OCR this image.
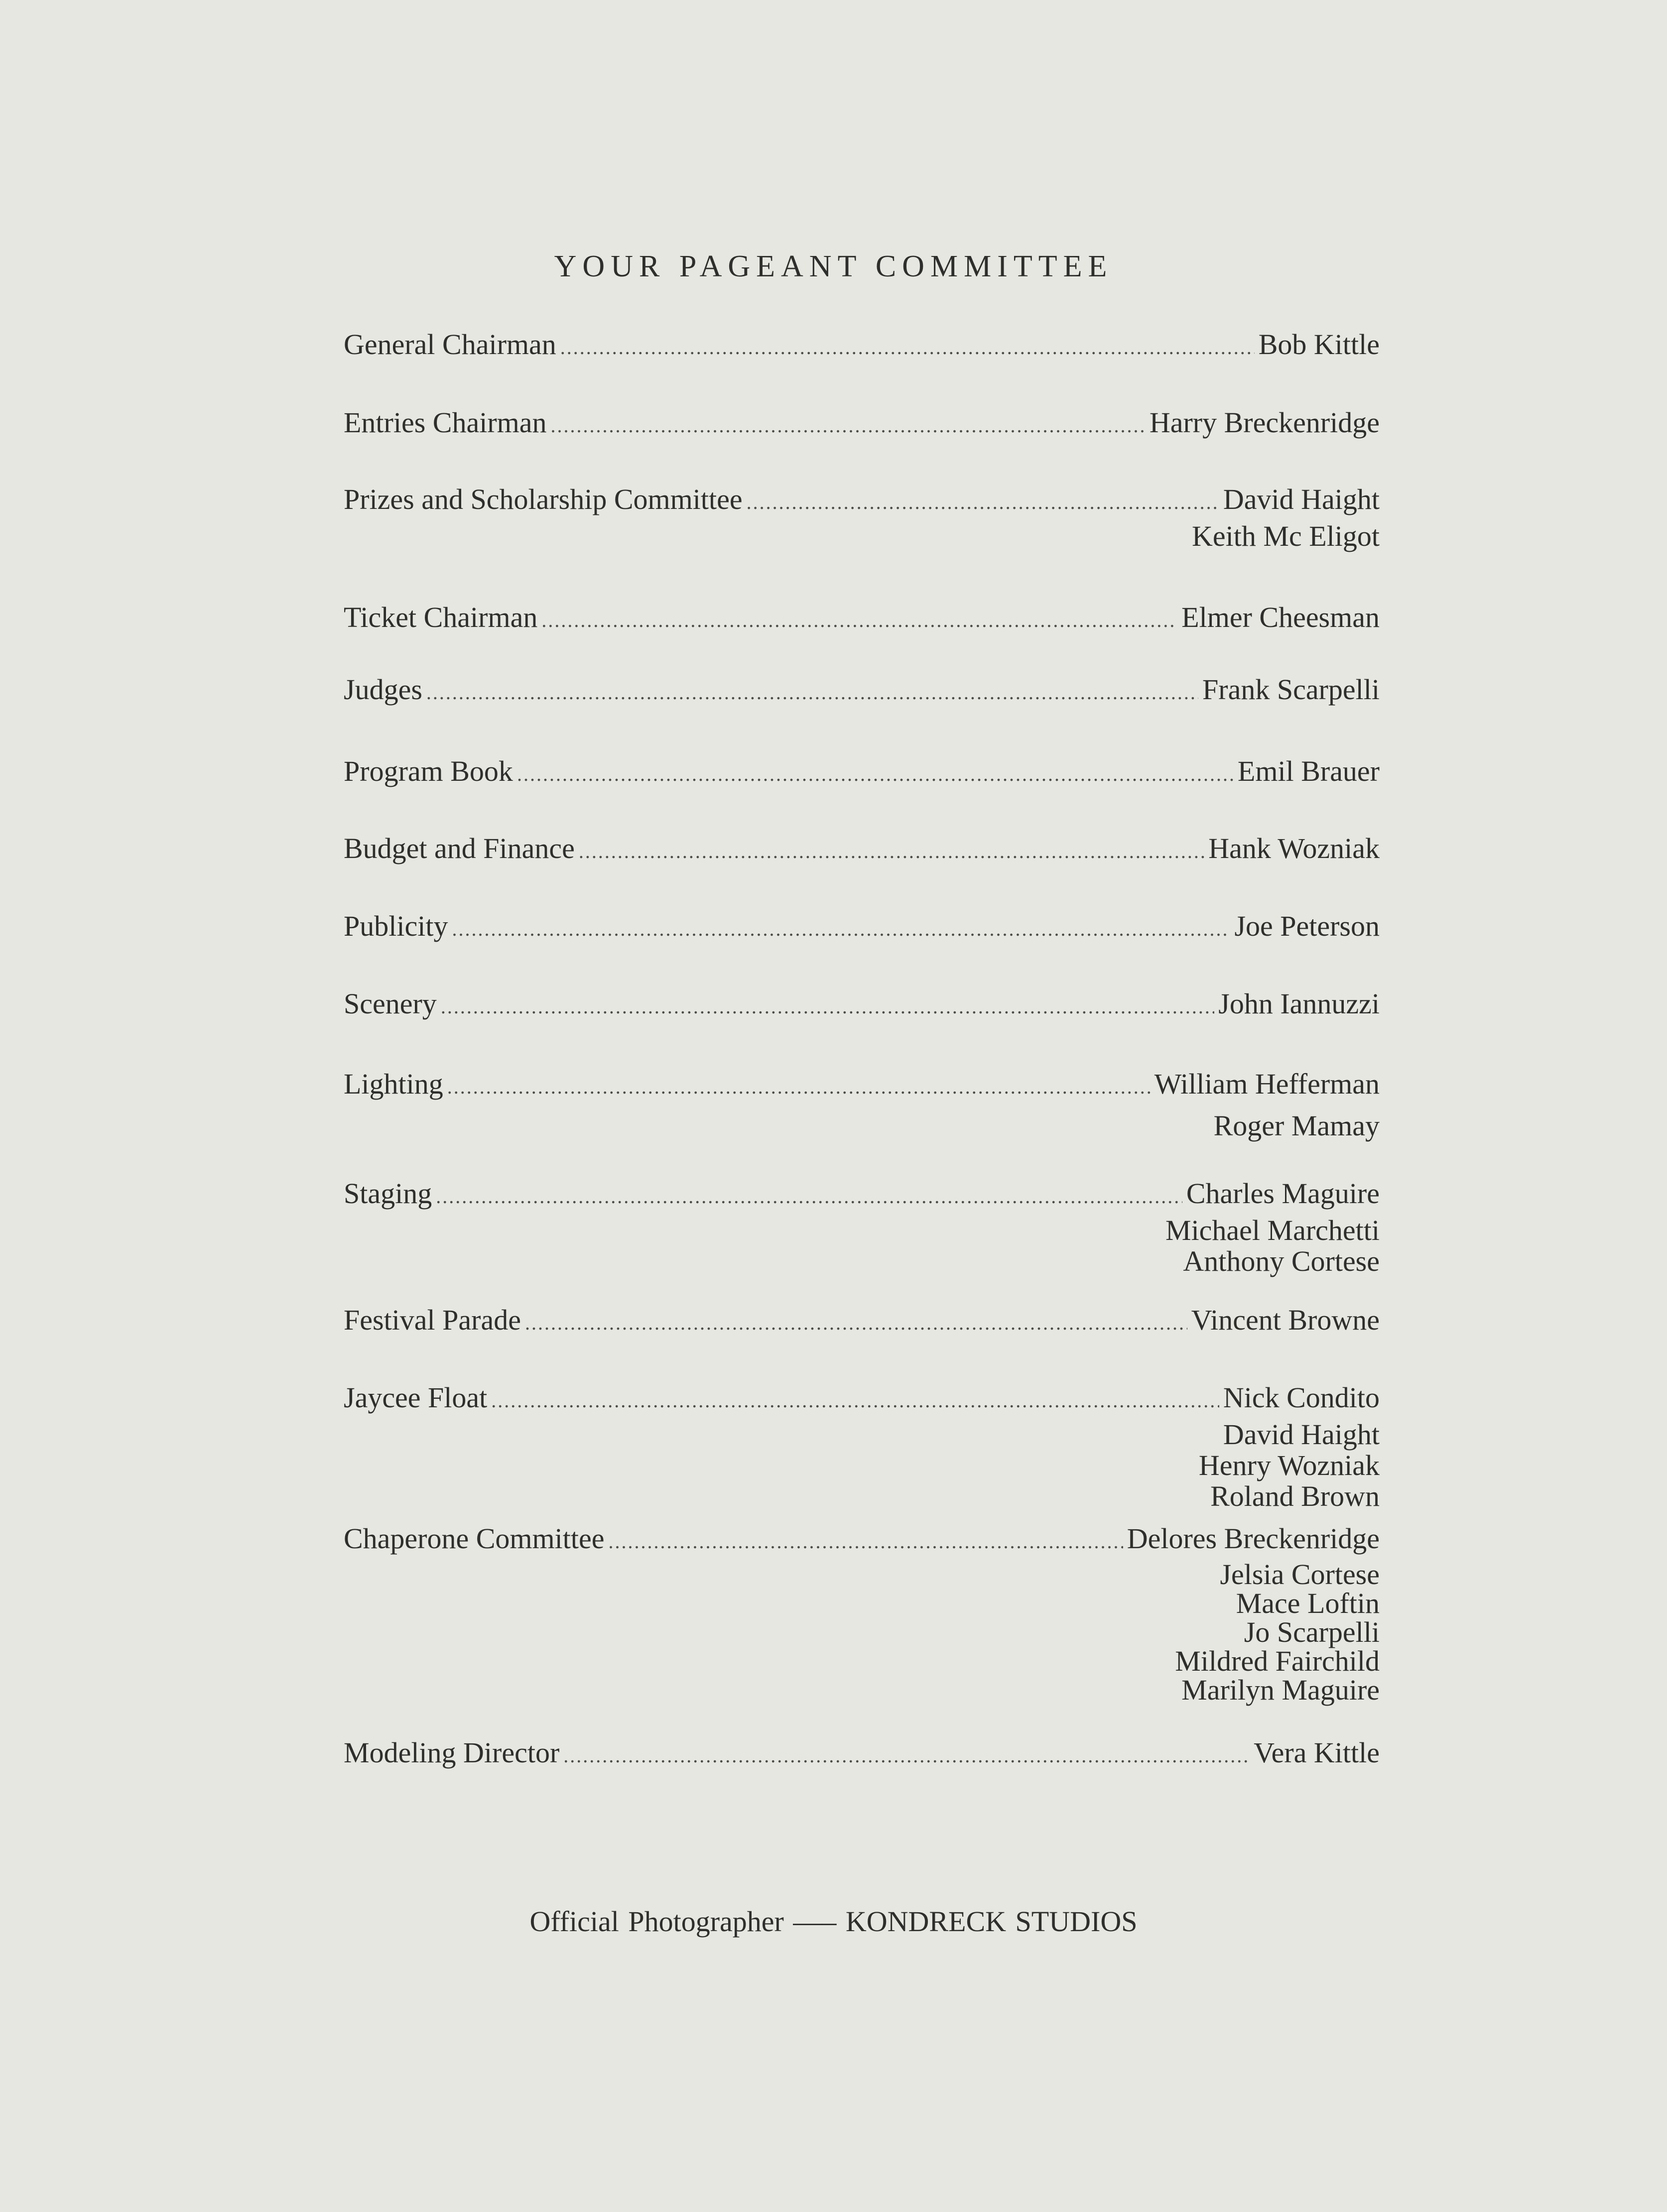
YOUR PAGEANT COMMITTEE
General Chairman .....	Bob Kittle
Entries Chairman .....	Harry Breckenridge
Prizes and Scholarship Committee .....	David Haight
Keith Mc Eligot
Ticket Chairman .....	Elmer Cheesman
Judges .....	Frank Scarpelli
Program Book .....	Emil Brauer
Budget and Finance .....	Hank Wozniak
Publicity .....	Joe Peterson
Scenery .....	John Iannuzzi
Lighting .....	William Hefferman
Roger Mamay
Staging .....	Charles Maguire
Michael Marchetti
Anthony Cortese
Festival Parade .....	Vincent Browne
Jaycee Float .....	Nick Condito
David Haight
Henry Wozniak
Roland Brown
Chaperone Committee .....	Delores Breckenridge
Jelsia Cortese
Mace Loftin
Jo Scarpelli
Mildred Fairchild
Marilyn Maguire
Modeling Director .....	Vera Kittle
Official Photographer —– KONDRECK STUDIOS
